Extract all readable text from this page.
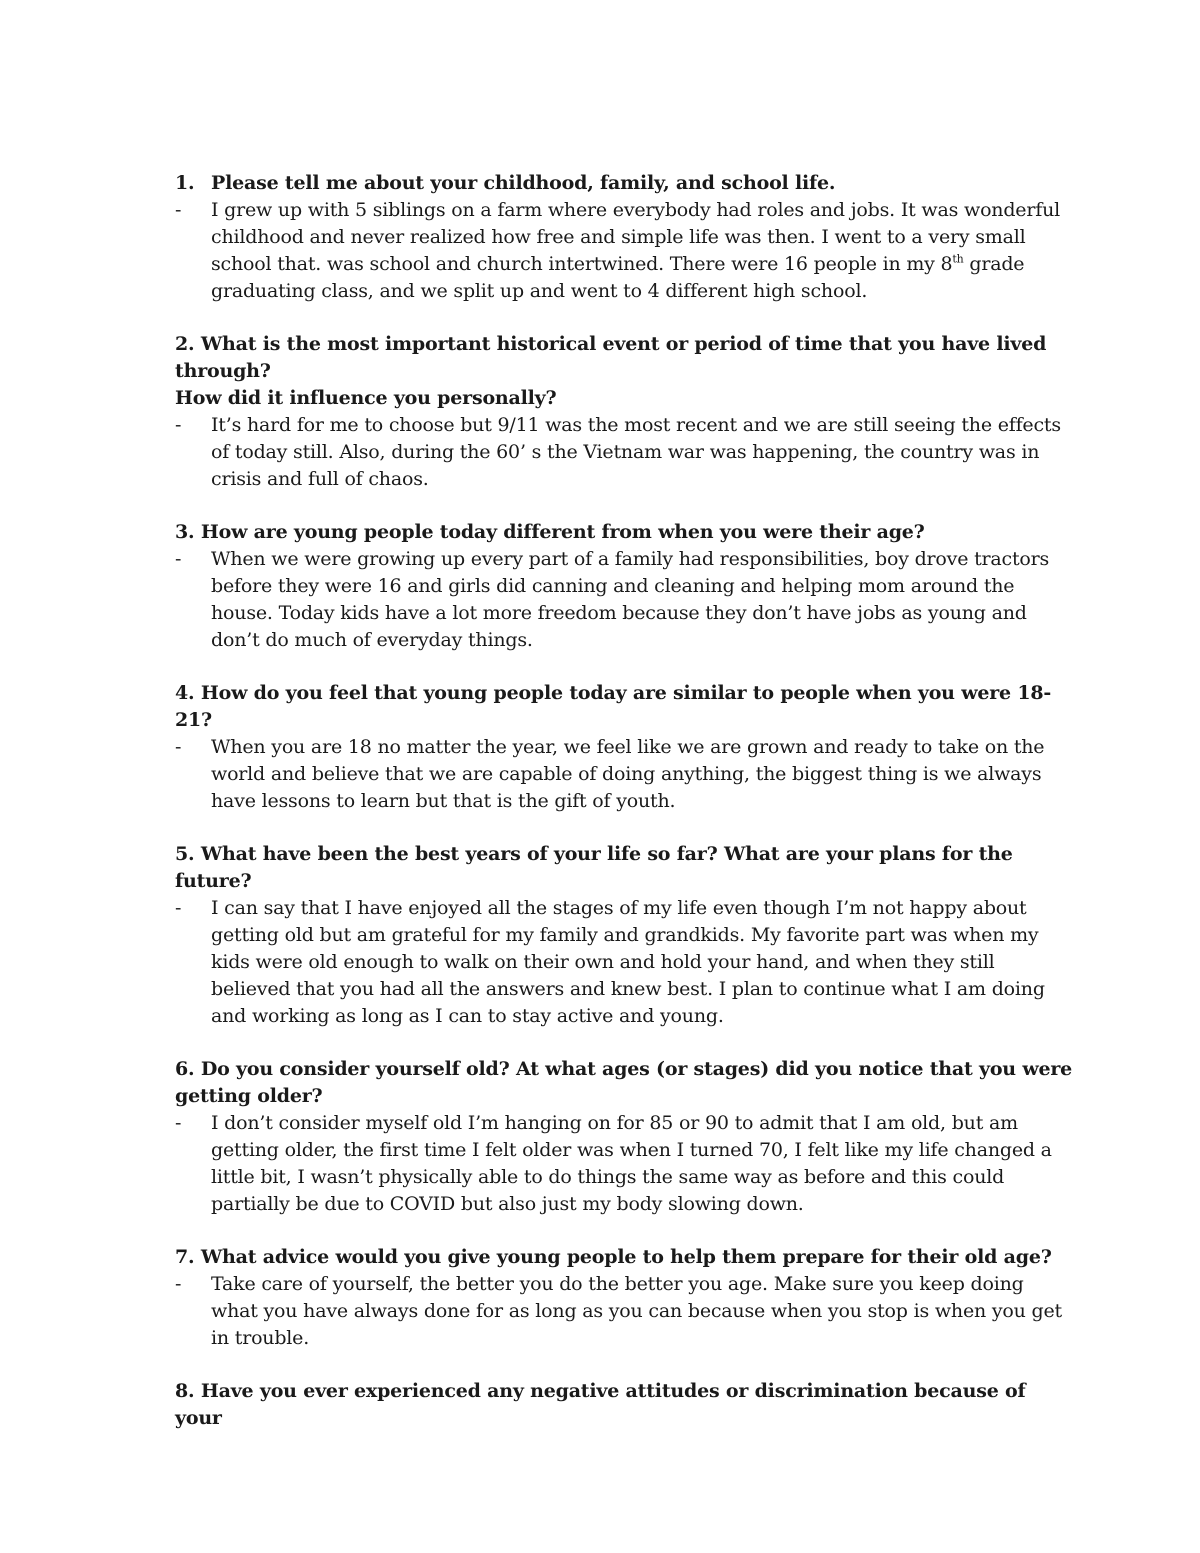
1. Please tell me about your childhood, family, and school life.

- I grew up with 5 siblings on a farm where everybody had roles and jobs. It was wonderful childhood and never realized how free and simple life was then. I went to a very small school that. was school and church intertwined. There were 16 people in my 8th grade graduating class, and we split up and went to 4 different high school.

2. What is the most important historical event or period of time that you have lived through?

How did it influence you personally?

- It’s hard for me to choose but 9/11 was the most recent and we are still seeing the effects of today still. Also, during the 60’ s the Vietnam war was happening, the country was in crisis and full of chaos.

3. How are young people today different from when you were their age?

- When we were growing up every part of a family had responsibilities, boy drove tractors before they were 16 and girls did canning and cleaning and helping mom around the house. Today kids have a lot more freedom because they don’t have jobs as young and don’t do much of everyday things.

4. How do you feel that young people today are similar to people when you were 18-21?

- When you are 18 no matter the year, we feel like we are grown and ready to take on the world and believe that we are capable of doing anything, the biggest thing is we always have lessons to learn but that is the gift of youth.

5. What have been the best years of your life so far? What are your plans for the future?

- I can say that I have enjoyed all the stages of my life even though I’m not happy about getting old but am grateful for my family and grandkids. My favorite part was when my kids were old enough to walk on their own and hold your hand, and when they still believed that you had all the answers and knew best. I plan to continue what I am doing and working as long as I can to stay active and young.

6. Do you consider yourself old? At what ages (or stages) did you notice that you were getting older?

- I don’t consider myself old I’m hanging on for 85 or 90 to admit that I am old, but am getting older, the first time I felt older was when I turned 70, I felt like my life changed a little bit, I wasn’t physically able to do things the same way as before and this could partially be due to COVID but also just my body slowing down.

7. What advice would you give young people to help them prepare for their old age?

- Take care of yourself, the better you do the better you age. Make sure you keep doing what you have always done for as long as you can because when you stop is when you get in trouble.

8. Have you ever experienced any negative attitudes or discrimination because of your
